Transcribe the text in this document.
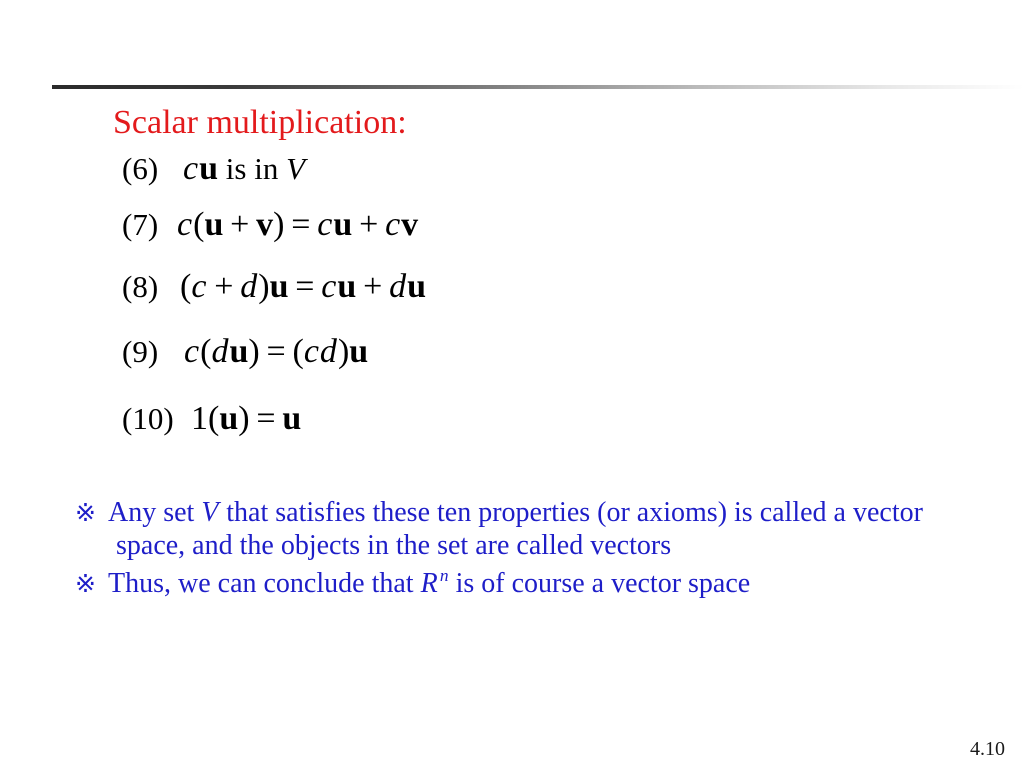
Scalar multiplication:
(6) cu is in V
(7) c(u + v) = cu + cv
(8) (c + d)u = cu + du
(9) c(du) = (cd)u
(10) 1(u) = u
※ Any set V that satisfies these ten properties (or axioms) is called a vector
space, and the objects in the set are called vectors
※ Thus, we can conclude that R $^n$ is of course a vector space
4.10
